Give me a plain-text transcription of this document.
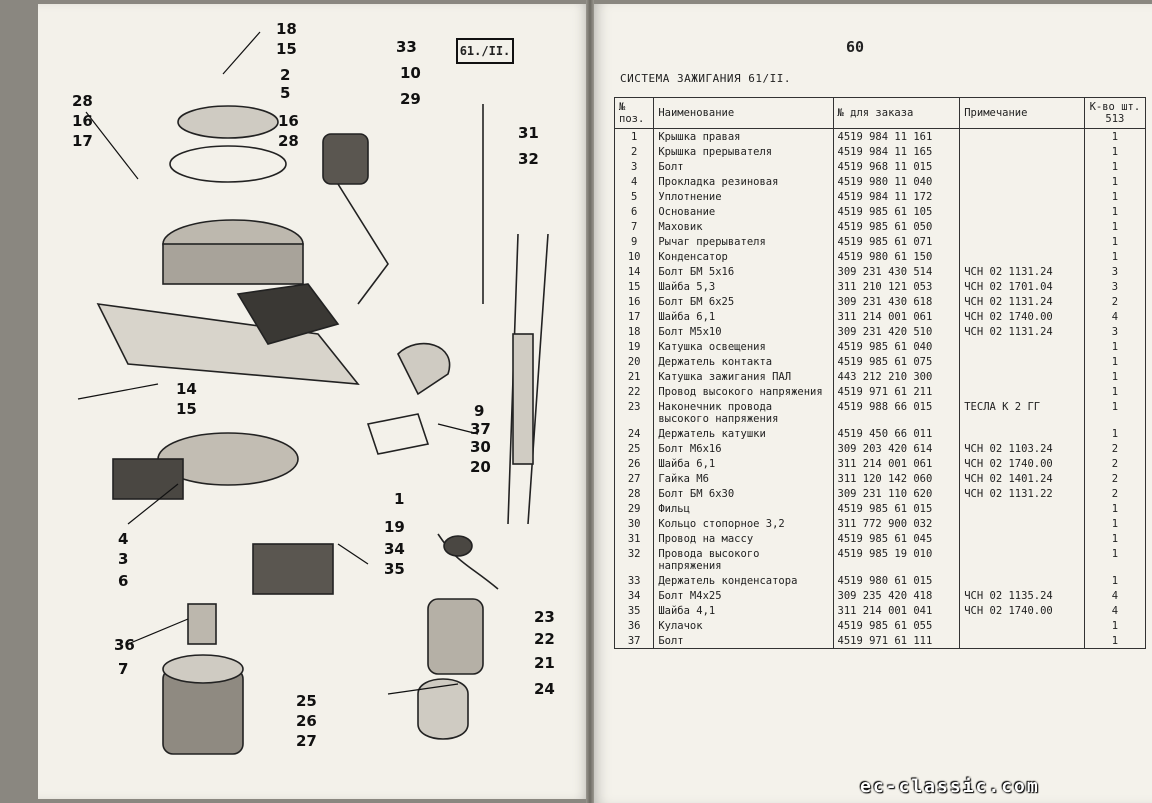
18
15
2
5
28
16
17
16
28
33
10
29
31
32
14
15	9
37
30
20
1
19
34
35
4
3
6
36
7
25
26
27
23
22
21
24
61./II.	60
СИСТЕМА ЗАЖИГАНИЯ 61/II.
№ поз.	Наименование	№ для заказа	Примечание	К-во шт. 513
1	Крышка правая	4519 984 11 161		1
2	Крышка прерывателя	4519 984 11 165		1
3	Болт	4519 968 11 015		1
4	Прокладка резиновая	4519 980 11 040		1
5	Уплотнение	4519 984 11 172		1
6	Основание	4519 985 61 105		1
7	Маховик	4519 985 61 050		1
9	Рычаг прерывателя	4519 985 61 071		1
10	Конденсатор	4519 980 61 150		1
14	Болт БМ 5x16	309 231 430 514	ЧСН 02 1131.24	3
15	Шайба 5,3	311 210 121 053	ЧСН 02 1701.04	3
16	Болт БМ 6x25	309 231 430 618	ЧСН 02 1131.24	2
17	Шайба 6,1	311 214 001 061	ЧСН 02 1740.00	4
18	Болт М5x10	309 231 420 510	ЧСН 02 1131.24	3
19	Катушка освещения	4519 985 61 040		1
20	Держатель контакта	4519 985 61 075		1
21	Катушка зажигания ПАЛ	443 212 210 300		1
22	Провод высокого напряжения	4519 971 61 211		1
23	Наконечник провода высокого напряжения	4519 988 66 015	ТЕСЛА К 2 ГГ	1
24	Держатель катушки	4519 450 66 011		1
25	Болт М6x16	309 203 420 614	ЧСН 02 1103.24	2
26	Шайба 6,1	311 214 001 061	ЧСН 02 1740.00	2
27	Гайка М6	311 120 142 060	ЧСН 02 1401.24	2
28	Болт БМ 6x30	309 231 110 620	ЧСН 02 1131.22	2
29	Фильц	4519 985 61 015		1
30	Кольцо стопорное 3,2	311 772 900 032		1
31	Провод на массу	4519 985 61 045		1
32	Провода высокого напряжения	4519 985 19 010		1
33	Держатель конденсатора	4519 980 61 015		1
34	Болт М4x25	309 235 420 418	ЧСН 02 1135.24	4
35	Шайба 4,1	311 214 001 041	ЧСН 02 1740.00	4
36	Кулачок	4519 985 61 055		1
37	Болт	4519 971 61 111		1
ec-classic.com
